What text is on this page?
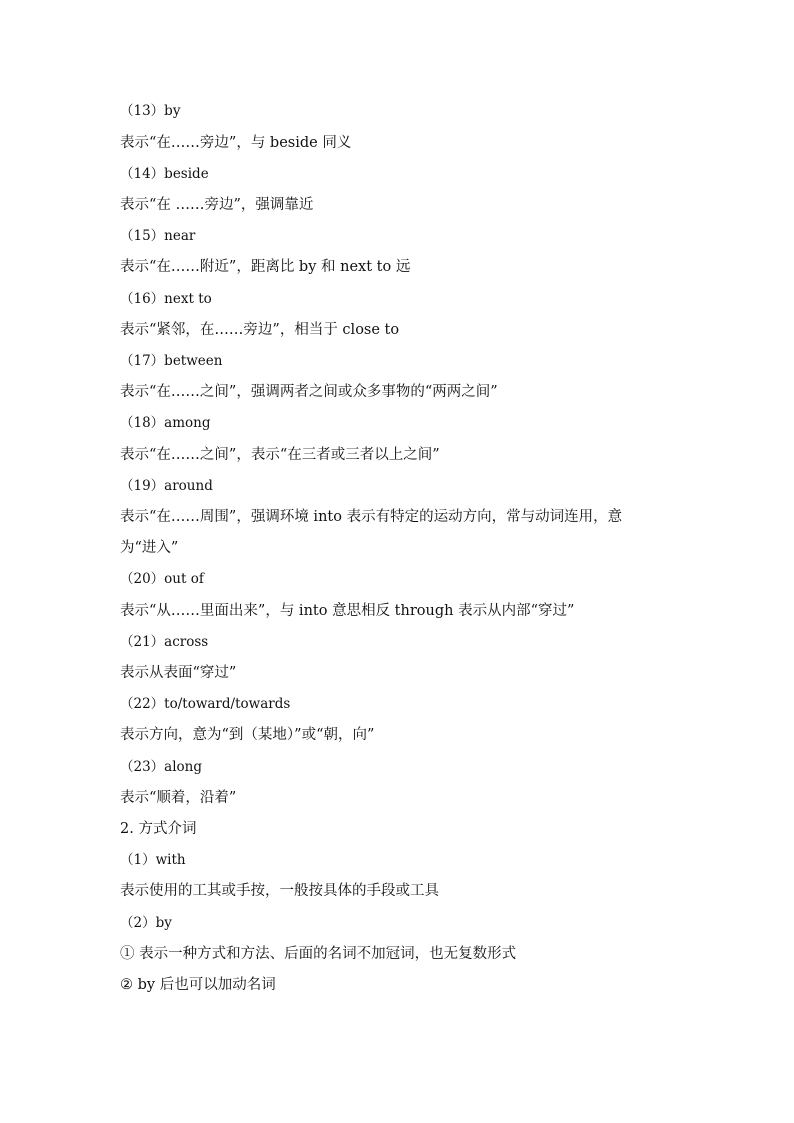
（13）by
表示“在……旁边”，与 beside 同义
（14）beside
表示“在 ……旁边”，强调靠近
（15）near
表示“在……附近”，距离比 by 和 next to 远
（16）next to
表示“紧邻，在……旁边”，相当于 close to
（17）between
表示“在……之间”，强调两者之间或众多事物的“两两之间”
（18）among
表示“在……之间”，表示“在三者或三者以上之间”
（19）around
表示“在……周围”，强调环境 into 表示有特定的运动方向，常与动词连用，意
为“进入”
（20）out of
表示“从……里面出来”，与 into 意思相反 through 表示从内部“穿过”
（21）across
表示从表面“穿过”
（22）to/toward/towards
表示方向，意为“到（某地）”或“朝，向”
（23）along
表示“顺着，沿着”
2. 方式介词
（1）with
表示使用的工其或手按，一般按具体的手段或工具
（2）by
① 表示一种方式和方法、后面的名词不加冠词，也无复数形式
② by 后也可以加动名词
